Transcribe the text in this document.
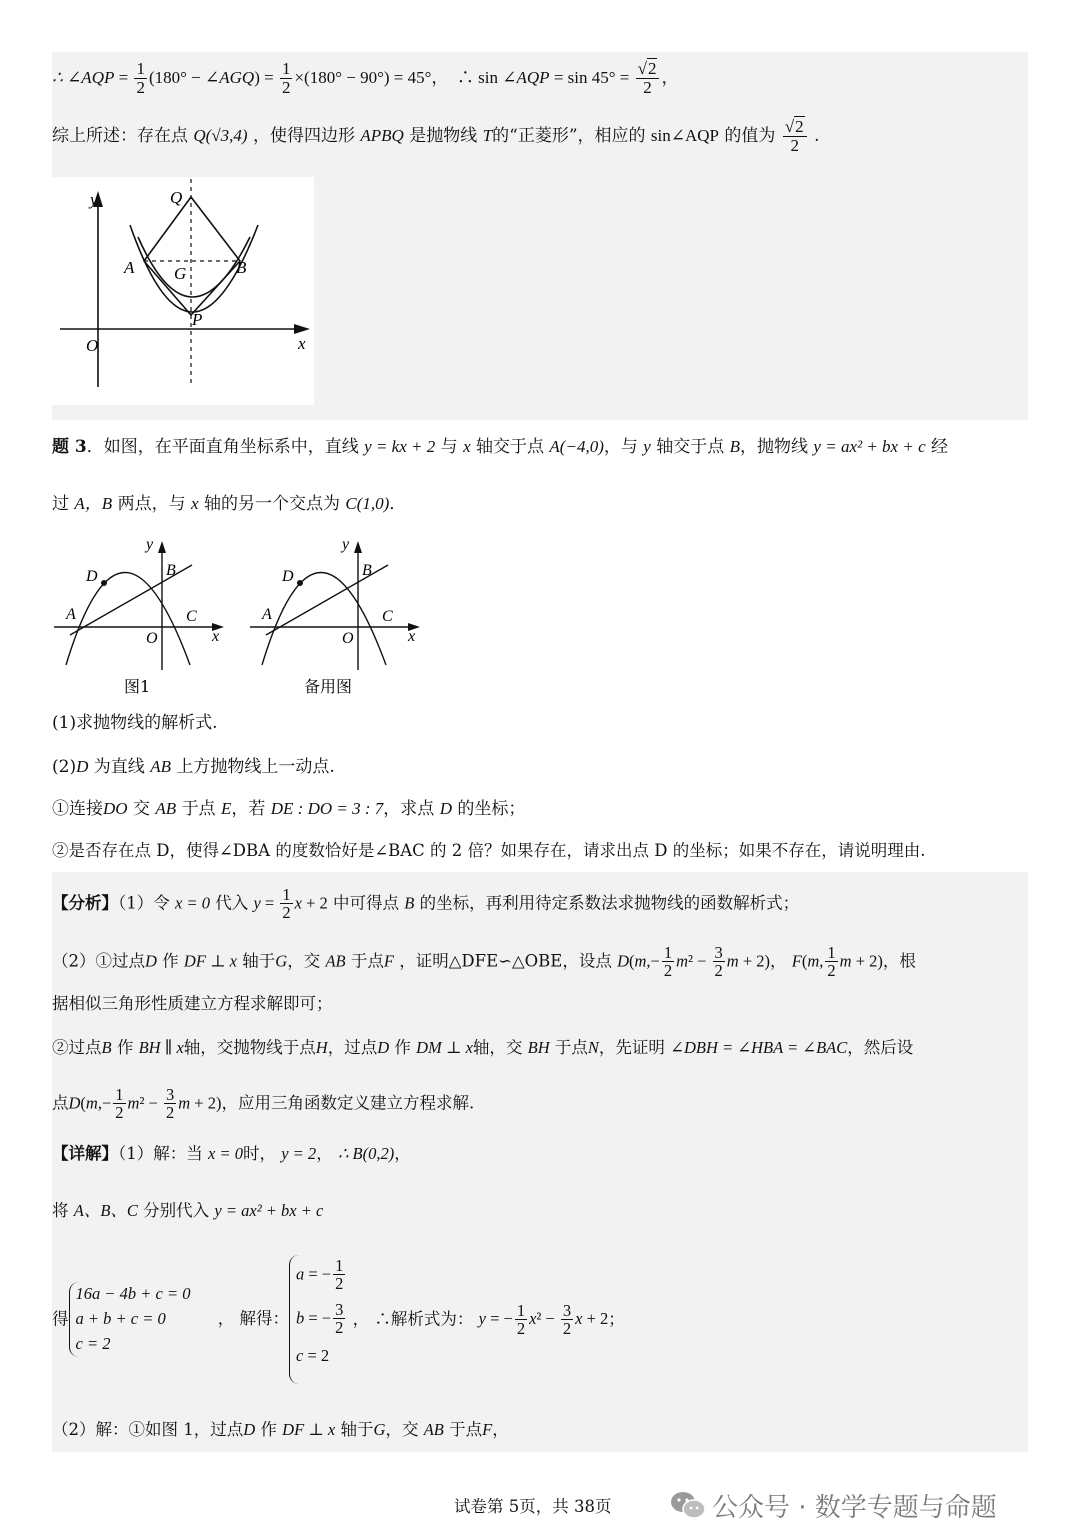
∴ ∠AQP = $\frac{1}{2} (180^\circ$ − ∠AGQ) = $\frac{1}{2} \times(180^\circ - 90^\circ) = 45^\circ$，　∴ sin ∠AQP = $\sin 45^\circ = \frac{√2}{2}$ ，
综上所述：存在点 Q(√3,4) ，使得四边形 APBQ 是抛物线 T的“正菱形”，相应的 sin∠AQP 的值为 $\frac{√2}{2}$ .
y
x
O
Q
A	B
G
P
题 3．如图，在平面直角坐标系中，直线 y = kx + 2 与 x 轴交于点 A(−4,0)，与 y 轴交于点 B，抛物线 y = ax² + bx + c 经
过 A，B 两点，与 x 轴的另一个交点为 C(1,0)．
y
x
O
A
B
C
D
图1
y
x
O
A
B
C
D
备用图
(1)求抛物线的解析式.
(2)D 为直线 AB 上方抛物线上一动点.
①连接DO 交 AB 于点 E，若 DE : DO = 3 : 7，求点 D 的坐标；
②是否存在点 D，使得∠DBA 的度数恰好是∠BAC 的 2 倍？如果存在，请求出点 D 的坐标；如果不存在，请说明理由.
【分析】（1）令 x = 0 代入 $y = \frac{1}{2}$ x + 2 中可得点 B 的坐标，再利用待定系数法求抛物线的函数解析式；
（2）①过点D 作 DF ⊥ x 轴于G，交 AB 于点F ，证明△DFE∽△OBE，设点 $D(m,- \frac{1}{2} m^2 - \frac{3}{2}$ m + 2)， F(m, $\frac{1}{2}$ m + 2)，根
据相似三角形性质建立方程求解即可；
②过点B 作 BH ∥ x轴，交抛物线于点H，过点D 作 DM ⊥ x轴，交 BH 于点N，先证明 ∠DBH = ∠HBA = ∠BAC，然后设
点$D(m,- \frac{1}{2} m^2 - \frac{3}{2}$ m + 2)，应用三角函数定义建立方程求解.
【详解】（1）解：当 x = 0时， y = 2， ∴ B(0,2)，
将 A、B、C 分别代入 y = ax² + bx + c
得
16a − 4b + c = 0
a + b + c = 0
c = 2
， 解得：
a = − $\frac{1}{2}$
b = − $\frac{3}{2}$
c = 2
， ∴解析式为： y = − $\frac{1}{2} x^2 - \frac{3}{2}$ x + 2；
（2）解：①如图 1，过点D 作 DF ⊥ x 轴于G，交 AB 于点F，
试卷第 5页，共 38页	公众号 · 数学专题与命题
